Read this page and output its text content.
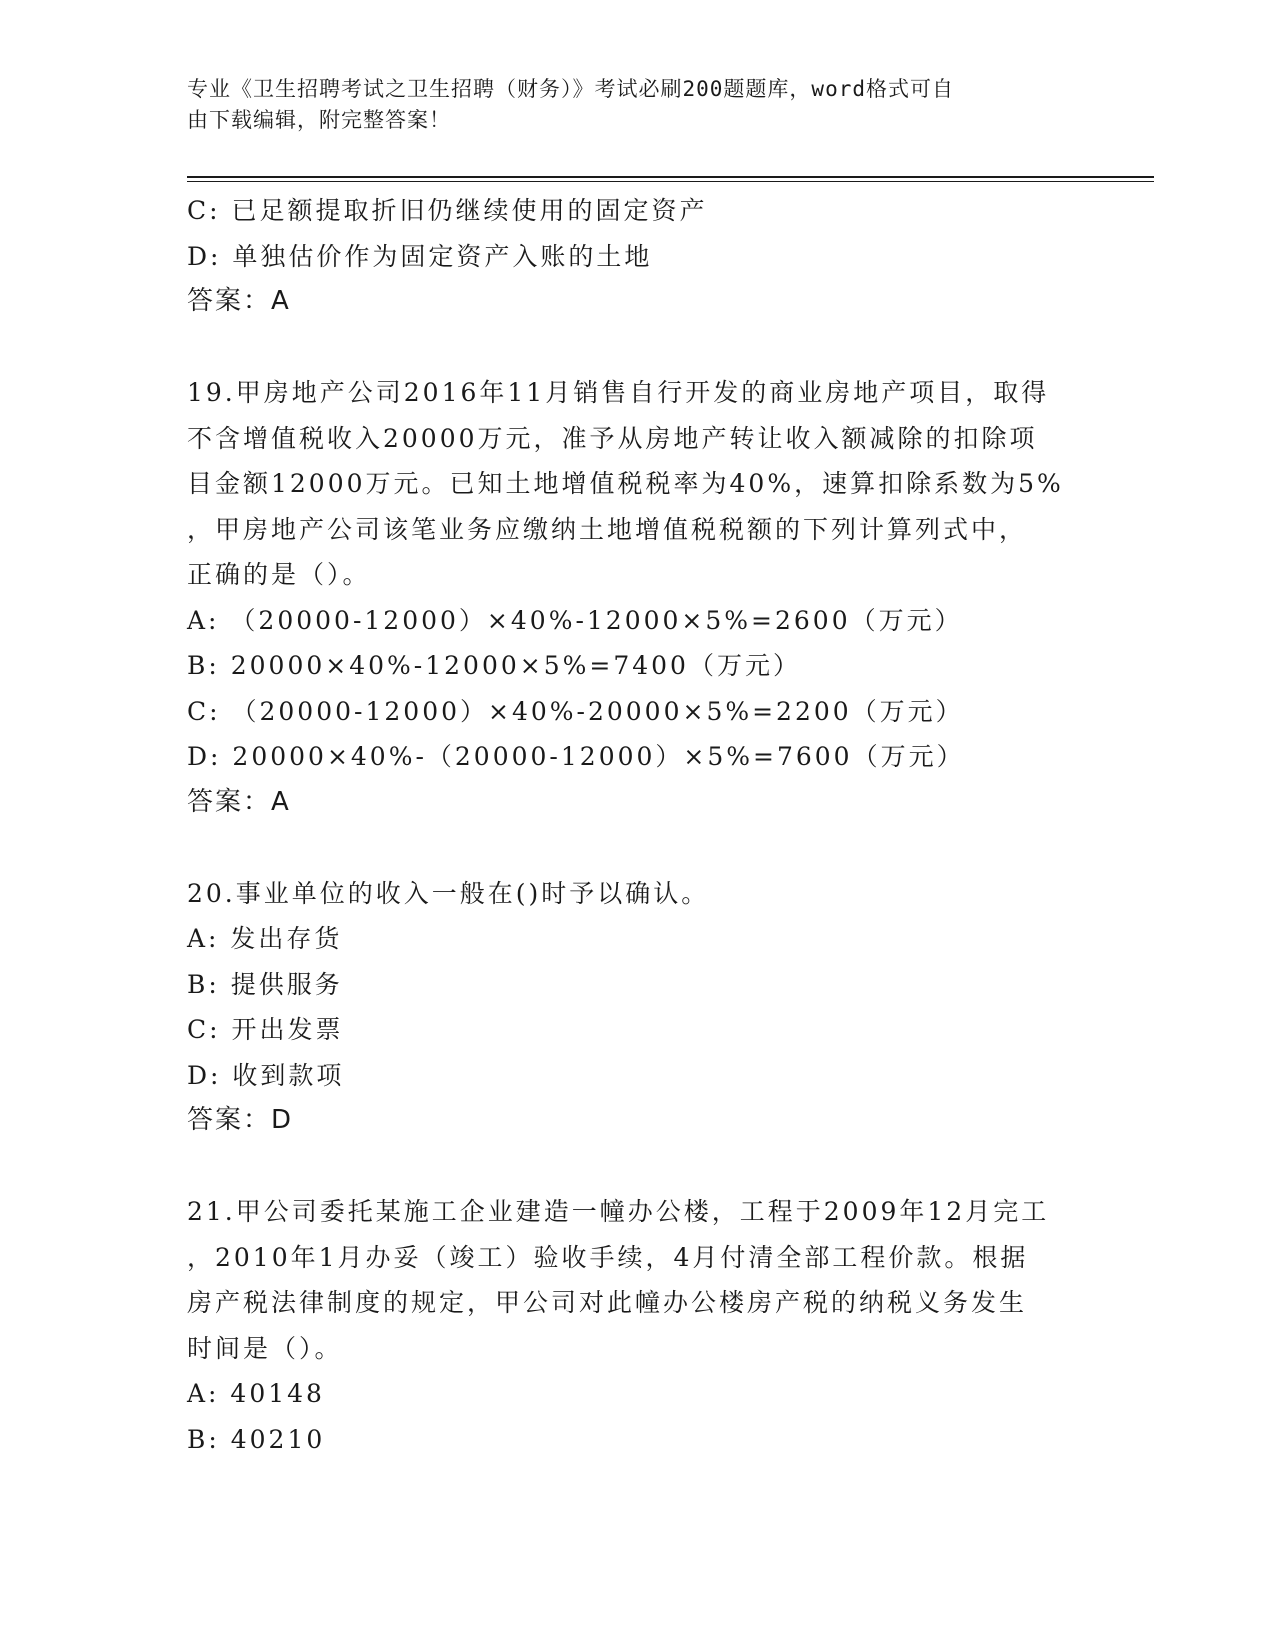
专业《卫生招聘考试之卫生招聘（财务）》考试必刷200题题库，word格式可自
由下载编辑，附完整答案！
C: 已足额提取折旧仍继续使用的固定资产
D: 单独估价作为固定资产入账的土地
答案：A
19.甲房地产公司2016年11月销售自行开发的商业房地产项目，取得
不含增值税收入20000万元，准予从房地产转让收入额减除的扣除项
目金额12000万元。已知土地增值税税率为40%，速算扣除系数为5%
，甲房地产公司该笔业务应缴纳土地增值税税额的下列计算列式中，
正确的是（）。
A: （20000-12000）×40%-12000×5%=2600（万元）
B: 20000×40%-12000×5%=7400（万元）
C: （20000-12000）×40%-20000×5%=2200（万元）
D: 20000×40%-（20000-12000）×5%=7600（万元）
答案：A
20.事业单位的收入一般在()时予以确认。
A: 发出存货
B: 提供服务
C: 开出发票
D: 收到款项
答案：D
21.甲公司委托某施工企业建造一幢办公楼，工程于2009年12月完工
，2010年1月办妥（竣工）验收手续，4月付清全部工程价款。根据
房产税法律制度的规定，甲公司对此幢办公楼房产税的纳税义务发生
时间是（）。
A: 40148
B: 40210
